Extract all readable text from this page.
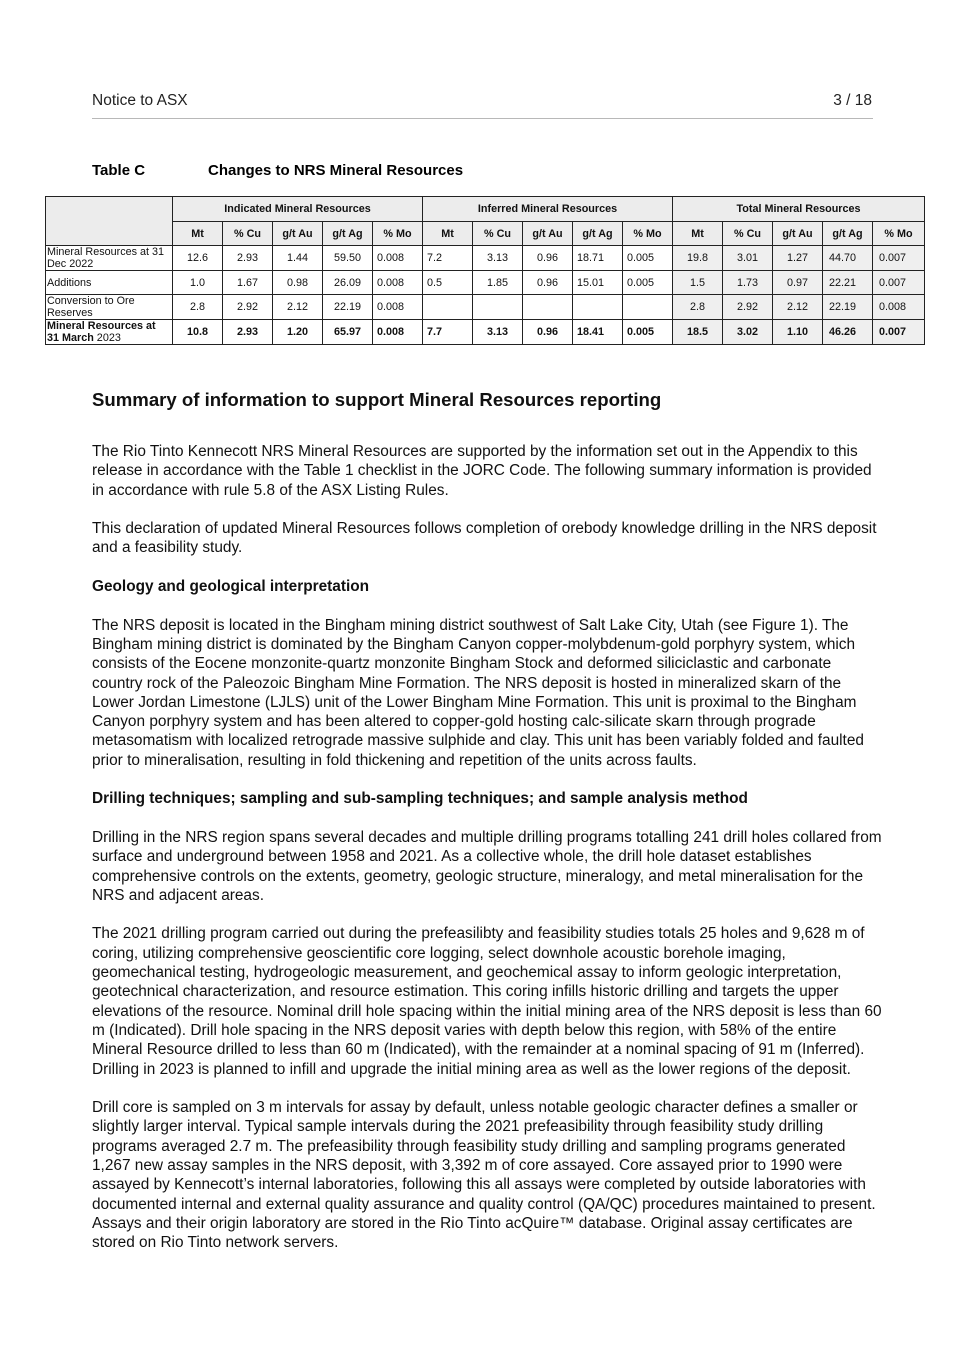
Notice to ASX	3 / 18
Table C	Changes to NRS Mineral Resources
	Indicated Mineral Resources					Inferred Mineral Resources					Total Mineral Resources				
	Mt	% Cu	g/t Au	g/t Ag	% Mo	Mt	% Cu	g/t Au	g/t Ag	% Mo	Mt	% Cu	g/t Au	g/t Ag	% Mo
Mineral Resources at 31 Dec 2022	12.6	2.93	1.44	59.50	0.008	7.2	3.13	0.96	18.71	0.005	19.8	3.01	1.27	44.70	0.007
Additions	1.0	1.67	0.98	26.09	0.008	0.5	1.85	0.96	15.01	0.005	1.5	1.73	0.97	22.21	0.007
Conversion to Ore Reserves	2.8	2.92	2.12	22.19	0.008						2.8	2.92	2.12	22.19	0.008
Mineral Resources at 31 March 2023	10.8	2.93	1.20	65.97	0.008	7.7	3.13	0.96	18.41	0.005	18.5	3.02	1.10	46.26	0.007
Summary of information to support Mineral Resources reporting

The Rio Tinto Kennecott NRS Mineral Resources are supported by the information set out in the Appendix to this release in accordance with the Table 1 checklist in the JORC Code. The following summary information is provided in accordance with rule 5.8 of the ASX Listing Rules.

This declaration of updated Mineral Resources follows completion of orebody knowledge drilling in the NRS deposit and a feasibility study.

Geology and geological interpretation

The NRS deposit is located in the Bingham mining district southwest of Salt Lake City, Utah (see Figure 1). The Bingham mining district is dominated by the Bingham Canyon copper-molybdenum-gold porphyry system, which consists of the Eocene monzonite-quartz monzonite Bingham Stock and deformed siliciclastic and carbonate country rock of the Paleozoic Bingham Mine Formation. The NRS deposit is hosted in mineralized skarn of the Lower Jordan Limestone (LJLS) unit of the Lower Bingham Mine Formation. This unit is proximal to the Bingham Canyon porphyry system and has been altered to copper-gold hosting calc-silicate skarn through prograde metasomatism with localized retrograde massive sulphide and clay. This unit has been variably folded and faulted prior to mineralisation, resulting in fold thickening and repetition of the units across faults.

Drilling techniques; sampling and sub-sampling techniques; and sample analysis method

Drilling in the NRS region spans several decades and multiple drilling programs totalling 241 drill holes collared from surface and underground between 1958 and 2021. As a collective whole, the drill hole dataset establishes comprehensive controls on the extents, geometry, geologic structure, mineralogy, and metal mineralisation for the NRS and adjacent areas.

The 2021 drilling program carried out during the prefeasilibty and feasibility studies totals 25 holes and 9,628 m of coring, utilizing comprehensive geoscientific core logging, select downhole acoustic borehole imaging, geomechanical testing, hydrogeologic measurement, and geochemical assay to inform geologic interpretation, geotechnical characterization, and resource estimation. This coring infills historic drilling and targets the upper elevations of the resource. Nominal drill hole spacing within the initial mining area of the NRS deposit is less than 60 m (Indicated). Drill hole spacing in the NRS deposit varies with depth below this region, with 58% of the entire Mineral Resource drilled to less than 60 m (Indicated), with the remainder at a nominal spacing of 91 m (Inferred). Drilling in 2023 is planned to infill and upgrade the initial mining area as well as the lower regions of the deposit.

Drill core is sampled on 3 m intervals for assay by default, unless notable geologic character defines a smaller or slightly larger interval. Typical sample intervals during the 2021 prefeasibility through feasibility study drilling programs averaged 2.7 m. The prefeasibility through feasibility study drilling and sampling programs generated 1,267 new assay samples in the NRS deposit, with 3,392 m of core assayed. Core assayed prior to 1990 were assayed by Kennecott’s internal laboratories, following this all assays were completed by outside laboratories with documented internal and external quality assurance and quality control (QA/QC) procedures maintained to present. Assays and their origin laboratory are stored in the Rio Tinto acQuire™ database. Original assay certificates are stored on Rio Tinto network servers.
